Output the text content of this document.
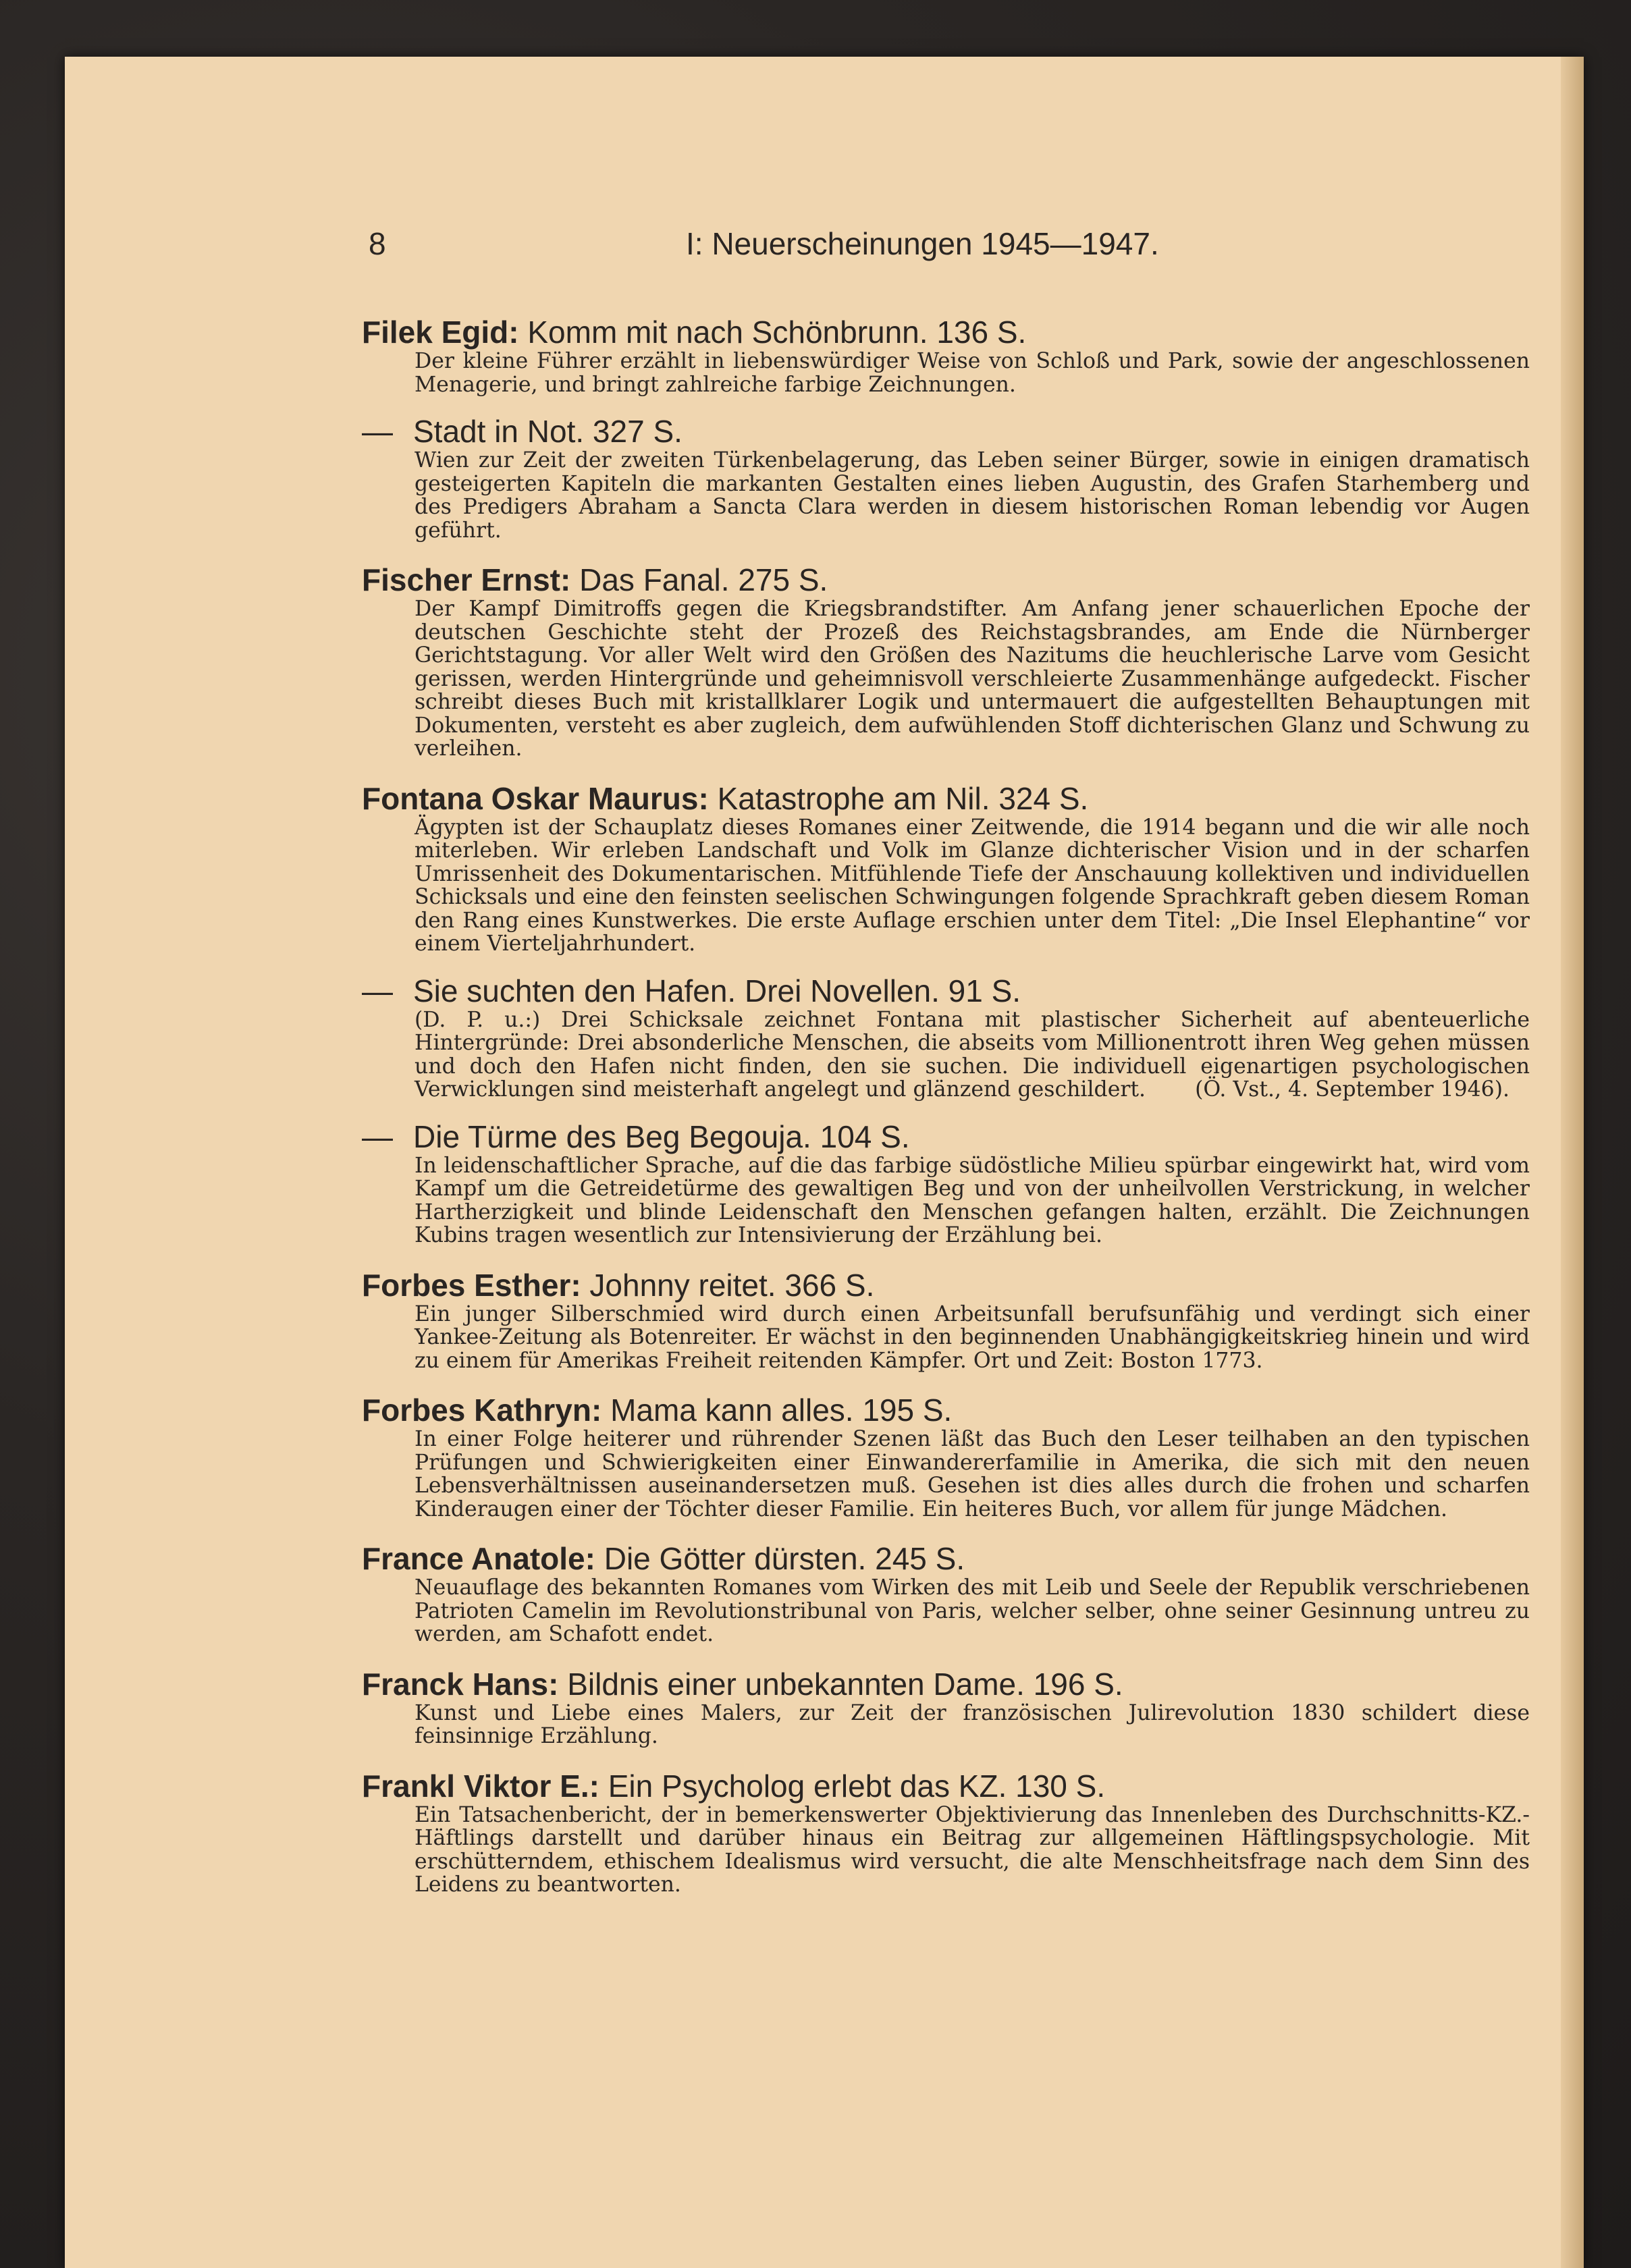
8	I: Neuerscheinungen 1945—1947.
Filek Egid: Komm mit nach Schönbrunn. 136 S.
Der kleine Führer erzählt in liebenswürdiger Weise von Schloß und Park, sowie der angeschlossenen Menagerie, und bringt zahlreiche farbige Zeichnungen.
— Stadt in Not. 327 S.
Wien zur Zeit der zweiten Türkenbelagerung, das Leben seiner Bürger, sowie in einigen dramatisch gesteigerten Kapiteln die markanten Gestalten eines lieben Augustin, des Grafen Starhemberg und des Predigers Abraham a Sancta Clara werden in diesem historischen Roman lebendig vor Augen geführt.
Fischer Ernst: Das Fanal. 275 S.
Der Kampf Dimitroffs gegen die Kriegsbrandstifter. Am Anfang jener schauerlichen Epoche der deutschen Geschichte steht der Prozeß des Reichstagsbrandes, am Ende die Nürnberger Gerichtstagung. Vor aller Welt wird den Größen des Nazitums die heuchlerische Larve vom Gesicht gerissen, werden Hintergründe und geheimnisvoll verschleierte Zusammenhänge aufgedeckt. Fischer schreibt dieses Buch mit kristallklarer Logik und untermauert die aufgestellten Behauptungen mit Dokumenten, versteht es aber zugleich, dem aufwühlenden Stoff dichterischen Glanz und Schwung zu verleihen.
Fontana Oskar Maurus: Katastrophe am Nil. 324 S.
Ägypten ist der Schauplatz dieses Romanes einer Zeitwende, die 1914 begann und die wir alle noch miterleben. Wir erleben Landschaft und Volk im Glanze dichterischer Vision und in der scharfen Umrissenheit des Dokumentarischen. Mitfühlende Tiefe der Anschauung kollektiven und individuellen Schicksals und eine den feinsten seelischen Schwingungen folgende Sprachkraft geben diesem Roman den Rang eines Kunstwerkes. Die erste Auflage erschien unter dem Titel: „Die Insel Elephantine“ vor einem Vierteljahrhundert.
— Sie suchten den Hafen. Drei Novellen. 91 S.
(D. P. u.:) Drei Schicksale zeichnet Fontana mit plastischer Sicherheit auf abenteuerliche Hintergründe: Drei absonderliche Menschen, die abseits vom Millionentrott ihren Weg gehen müssen und doch den Hafen nicht finden, den sie suchen. Die individuell eigenartigen psychologischen Verwicklungen sind meisterhaft angelegt und glänzend geschildert. (Ö. Vst., 4. September 1946).
— Die Türme des Beg Begouja. 104 S.
In leidenschaftlicher Sprache, auf die das farbige südöstliche Milieu spürbar eingewirkt hat, wird vom Kampf um die Getreidetürme des gewaltigen Beg und von der unheilvollen Verstrickung, in welcher Hartherzigkeit und blinde Leidenschaft den Menschen gefangen halten, erzählt. Die Zeichnungen Kubins tragen wesentlich zur Intensivierung der Erzählung bei.
Forbes Esther: Johnny reitet. 366 S.
Ein junger Silberschmied wird durch einen Arbeitsunfall berufsunfähig und verdingt sich einer Yankee-Zeitung als Botenreiter. Er wächst in den beginnenden Unabhängigkeitskrieg hinein und wird zu einem für Amerikas Freiheit reitenden Kämpfer. Ort und Zeit: Boston 1773.
Forbes Kathryn: Mama kann alles. 195 S.
In einer Folge heiterer und rührender Szenen läßt das Buch den Leser teilhaben an den typischen Prüfungen und Schwierigkeiten einer Einwandererfamilie in Amerika, die sich mit den neuen Lebensverhältnissen auseinandersetzen muß. Gesehen ist dies alles durch die frohen und scharfen Kinderaugen einer der Töchter dieser Familie. Ein heiteres Buch, vor allem für junge Mädchen.
France Anatole: Die Götter dürsten. 245 S.
Neuauflage des bekannten Romanes vom Wirken des mit Leib und Seele der Republik verschriebenen Patrioten Camelin im Revolutionstribunal von Paris, welcher selber, ohne seiner Gesinnung untreu zu werden, am Schafott endet.
Franck Hans: Bildnis einer unbekannten Dame. 196 S.
Kunst und Liebe eines Malers, zur Zeit der französischen Julirevolution 1830 schildert diese feinsinnige Erzählung.
Frankl Viktor E.: Ein Psycholog erlebt das KZ. 130 S.
Ein Tatsachenbericht, der in bemerkenswerter Objektivierung das Innenleben des Durchschnitts-KZ.-Häftlings darstellt und darüber hinaus ein Beitrag zur allgemeinen Häftlingspsychologie. Mit erschütterndem, ethischem Idealismus wird versucht, die alte Menschheitsfrage nach dem Sinn des Leidens zu beantworten.
